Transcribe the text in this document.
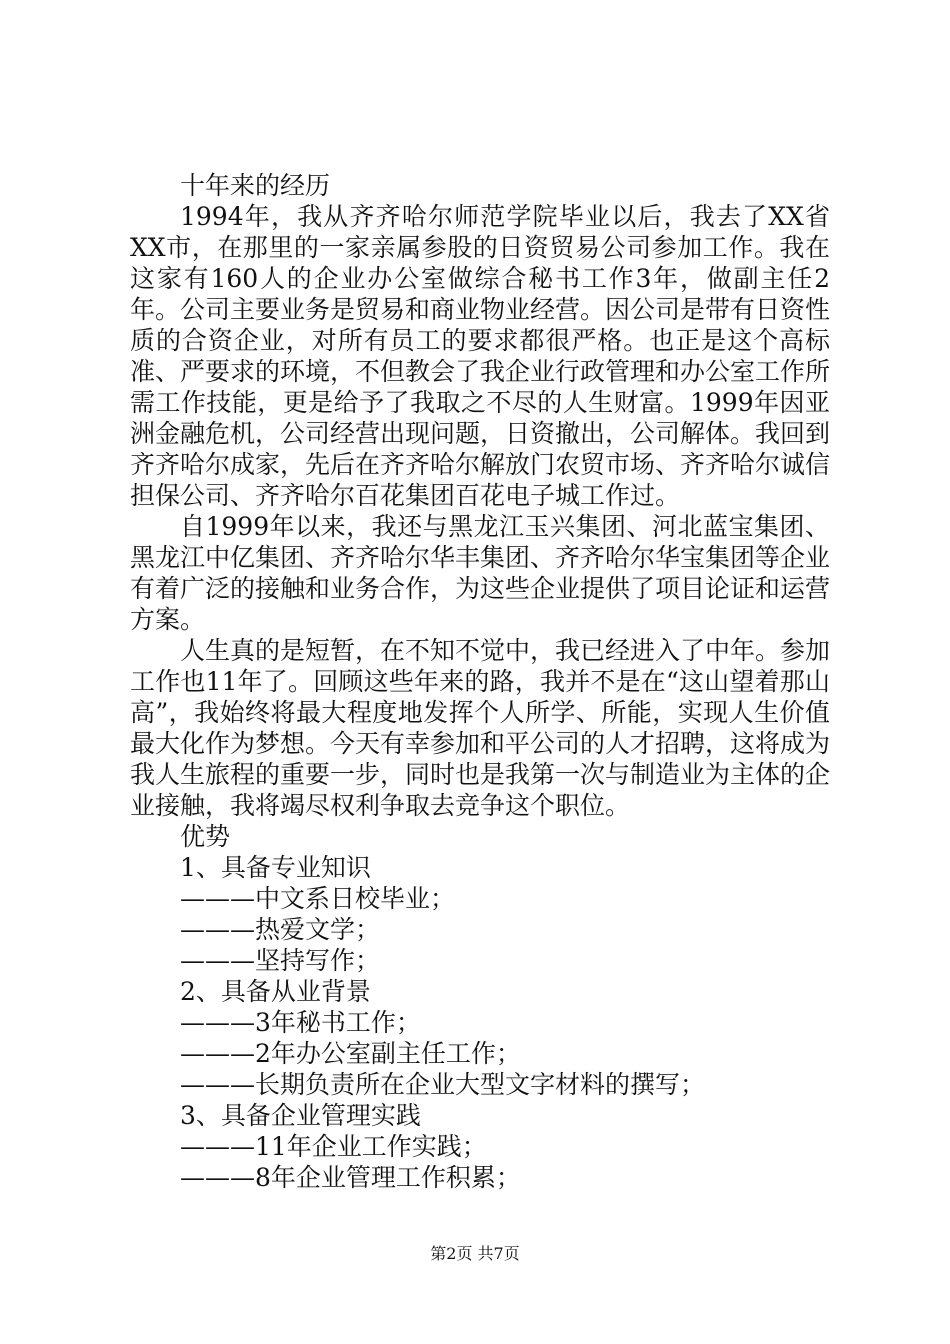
十年来的经历

1994年，我从齐齐哈尔师范学院毕业以后，我去了XX省XX市，在那里的一家亲属参股的日资贸易公司参加工作。我在这家有160人的企业办公室做综合秘书工作3年，做副主任2年。公司主要业务是贸易和商业物业经营。因公司是带有日资性质的合资企业，对所有员工的要求都很严格。也正是这个高标准、严要求的环境，不但教会了我企业行政管理和办公室工作所需工作技能，更是给予了我取之不尽的人生财富。1999年因亚洲金融危机，公司经营出现问题，日资撤出，公司解体。我回到齐齐哈尔成家，先后在齐齐哈尔解放门农贸市场、齐齐哈尔诚信担保公司、齐齐哈尔百花集团百花电子城工作过。

自1999年以来，我还与黑龙江玉兴集团、河北蓝宝集团、黑龙江中亿集团、齐齐哈尔华丰集团、齐齐哈尔华宝集团等企业有着广泛的接触和业务合作，为这些企业提供了项目论证和运营方案。

人生真的是短暂，在不知不觉中，我已经进入了中年。参加工作也11年了。回顾这些年来的路，我并不是在“这山望着那山高”，我始终将最大程度地发挥个人所学、所能，实现人生价值最大化作为梦想。今天有幸参加和平公司的人才招聘，这将成为我人生旅程的重要一步，同时也是我第一次与制造业为主体的企业接触，我将竭尽权利争取去竞争这个职位。

优势

1、具备专业知识

———中文系日校毕业；

———热爱文学；

———坚持写作；

2、具备从业背景

———3年秘书工作；

———2年办公室副主任工作；

———长期负责所在企业大型文字材料的撰写；

3、具备企业管理实践

———11年企业工作实践；

———8年企业管理工作积累；

第2页 共7页
